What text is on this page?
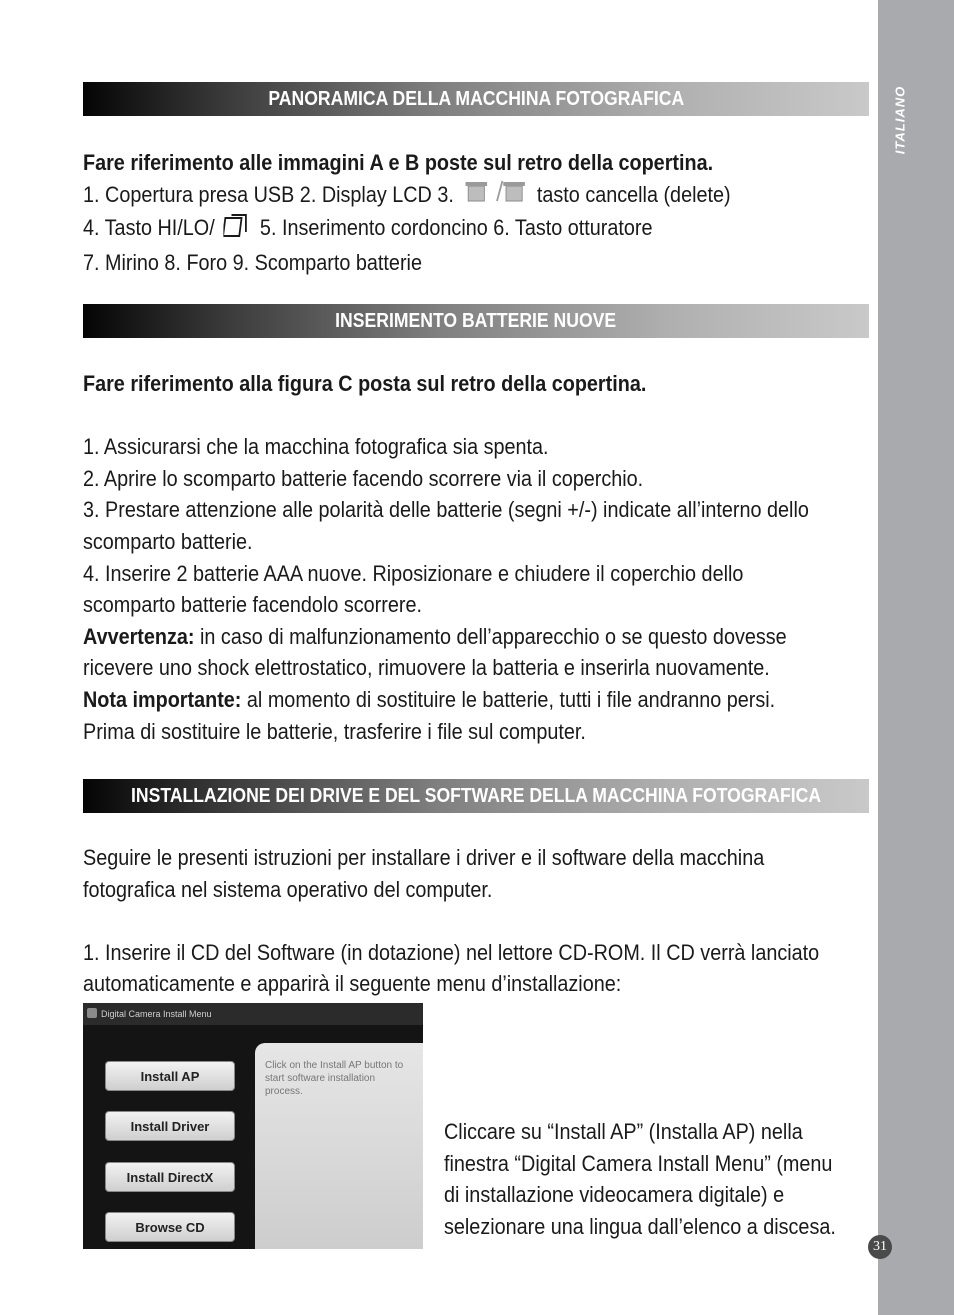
ITALIANO
PANORAMICA DELLA MACCHINA FOTOGRAFICA
Fare riferimento alle immagini A e B poste sul retro della copertina.
1. Copertura presa USB 2. Display LCD 3.	tasto cancella (delete)
4. Tasto HI/LO/ 5. Inserimento cordoncino 6. Tasto otturatore
7. Mirino 8. Foro 9. Scomparto batterie
INSERIMENTO BATTERIE NUOVE
Fare riferimento alla figura C posta sul retro della copertina.

1. Assicurarsi che la macchina fotografica sia spenta.
2. Aprire lo scomparto batterie facendo scorrere via il coperchio.
3. Prestare attenzione alle polarità delle batterie (segni +/-) indicate all’interno dello
scomparto batterie.
4. Inserire 2 batterie AAA nuove. Riposizionare e chiudere il coperchio dello
scomparto batterie facendolo scorrere.
Avvertenza: in caso di malfunzionamento dell’apparecchio o se questo dovesse
ricevere uno shock elettrostatico, rimuovere la batteria e inserirla nuovamente.
Nota importante: al momento di sostituire le batterie, tutti i file andranno persi.
Prima di sostituire le batterie, trasferire i file sul computer.
INSTALLAZIONE DEI DRIVE E DEL SOFTWARE DELLA MACCHINA FOTOGRAFICA
Seguire le presenti istruzioni per installare i driver e il software della macchina
fotografica nel sistema operativo del computer.

1. Inserire il CD del Software (in dotazione) nel lettore CD-ROM. Il CD verrà lanciato
automaticamente e apparirà il seguente menu d’installazione:
Digital Camera Install Menu
Install AP
Install Driver
Install DirectX
Browse CD
Click on the Install AP button to start software installation process.
Cliccare su “Install AP” (Installa AP) nella
finestra “Digital Camera Install Menu” (menu
di installazione videocamera digitale) e
selezionare una lingua dall’elenco a discesa.
31
